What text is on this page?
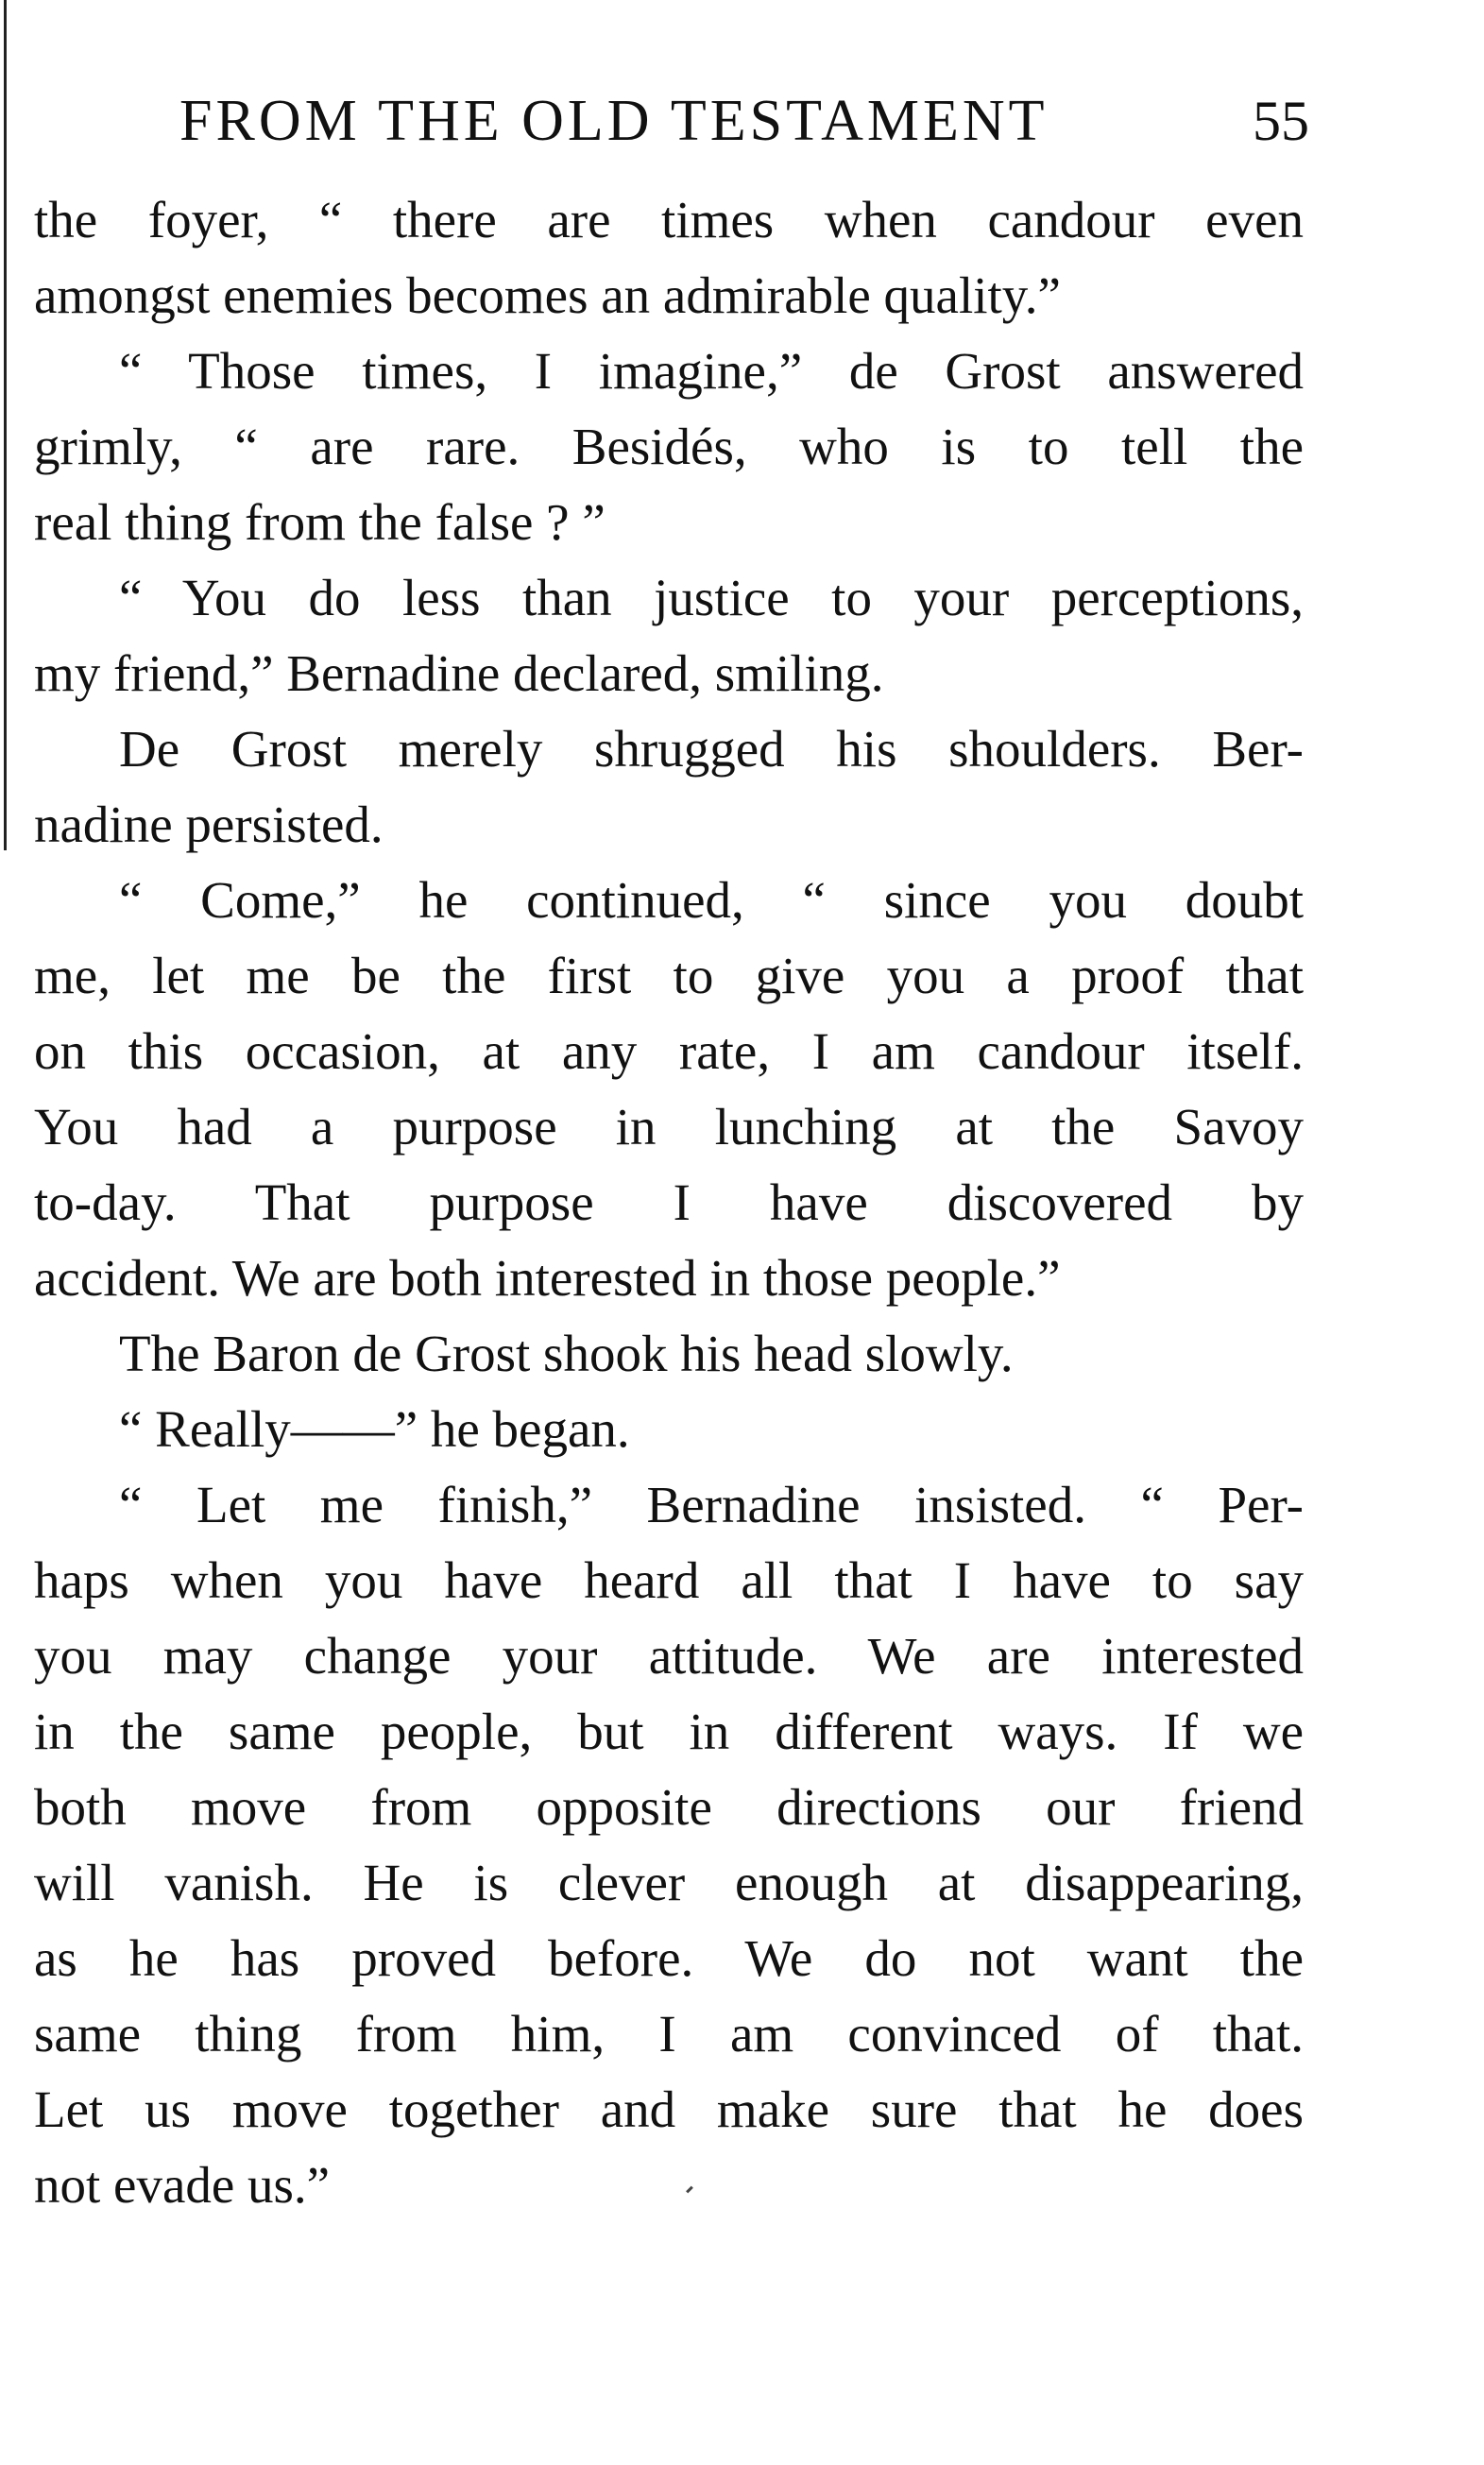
FROM THE OLD TESTAMENT	55
the foyer, “ there are times when candour even
amongst enemies becomes an admirable quality.”
“ Those times, I imagine,” de Grost answered
grimly, “ are rare. Besidés, who is to tell the
real thing from the false ? ”
“ You do less than justice to your perceptions,
my friend,” Bernadine declared, smiling.
De Grost merely shrugged his shoulders. Ber-
nadine persisted.
“ Come,” he continued, “ since you doubt
me, let me be the first to give you a proof that
on this occasion, at any rate, I am candour itself.
You had a purpose in lunching at the Savoy
to-day. That purpose I have discovered by
accident. We are both interested in those people.”
The Baron de Grost shook his head slowly.
“ Really——” he began.
“ Let me finish,” Bernadine insisted. “ Per-
haps when you have heard all that I have to say
you may change your attitude. We are interested
in the same people, but in different ways. If we
both move from opposite directions our friend
will vanish. He is clever enough at disappearing,
as he has proved before. We do not want the
same thing from him, I am convinced of that.
Let us move together and make sure that he does
not evade us.”
